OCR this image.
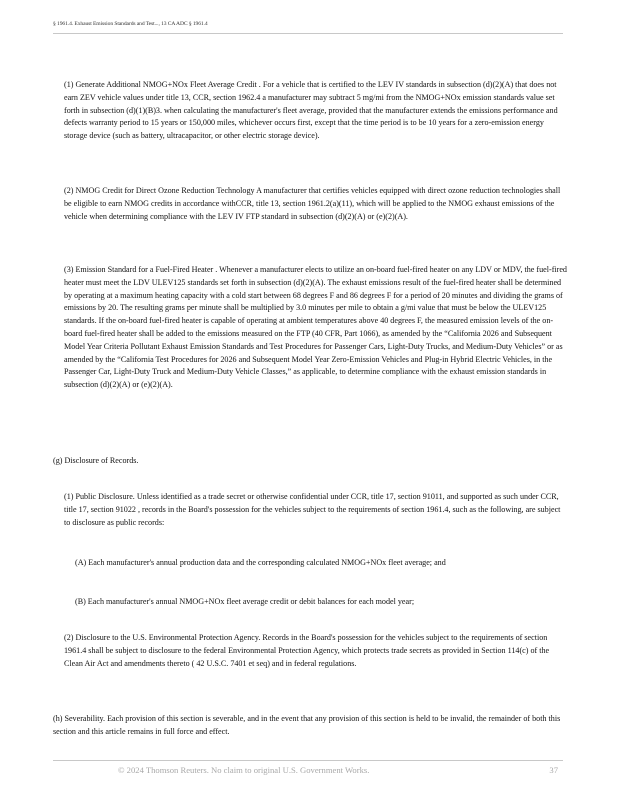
§ 1961.4. Exhaust Emission Standards and Test..., 13 CA ADC § 1961.4

(1) Generate Additional NMOG+NOx Fleet Average Credit . For a vehicle that is certified to the LEV IV standards in subsection (d)(2)(A) that does not earn ZEV vehicle values under title 13, CCR, section 1962.4 a manufacturer may subtract 5 mg/mi from the NMOG+NOx emission standards value set forth in subsection (d)(1)(B)3. when calculating the manufacturer's fleet average, provided that the manufacturer extends the emissions performance and defects warranty period to 15 years or 150,000 miles, whichever occurs first, except that the time period is to be 10 years for a zero-emission energy storage device (such as battery, ultracapacitor, or other electric storage device).

(2) NMOG Credit for Direct Ozone Reduction Technology A manufacturer that certifies vehicles equipped with direct ozone reduction technologies shall be eligible to earn NMOG credits in accordance withCCR, title 13, section 1961.2(a)(11), which will be applied to the NMOG exhaust emissions of the vehicle when determining compliance with the LEV IV FTP standard in subsection (d)(2)(A) or (e)(2)(A).

(3) Emission Standard for a Fuel-Fired Heater . Whenever a manufacturer elects to utilize an on-board fuel-fired heater on any LDV or MDV, the fuel-fired heater must meet the LDV ULEV125 standards set forth in subsection (d)(2)(A). The exhaust emissions result of the fuel-fired heater shall be determined by operating at a maximum heating capacity with a cold start between 68 degrees F and 86 degrees F for a period of 20 minutes and dividing the grams of emissions by 20. The resulting grams per minute shall be multiplied by 3.0 minutes per mile to obtain a g/mi value that must be below the ULEV125 standards. If the on-board fuel-fired heater is capable of operating at ambient temperatures above 40 degrees F, the measured emission levels of the on-board fuel-fired heater shall be added to the emissions measured on the FTP (40 CFR, Part 1066), as amended by the “California 2026 and Subsequent Model Year Criteria Pollutant Exhaust Emission Standards and Test Procedures for Passenger Cars, Light-Duty Trucks, and Medium-Duty Vehicles” or as amended by the “California Test Procedures for 2026 and Subsequent Model Year Zero-Emission Vehicles and Plug-in Hybrid Electric Vehicles, in the Passenger Car, Light-Duty Truck and Medium-Duty Vehicle Classes,” as applicable, to determine compliance with the exhaust emission standards in subsection (d)(2)(A) or (e)(2)(A).

(g) Disclosure of Records.

(1) Public Disclosure. Unless identified as a trade secret or otherwise confidential under CCR, title 17, section 91011, and supported as such under CCR, title 17, section 91022 , records in the Board's possession for the vehicles subject to the requirements of section 1961.4, such as the following, are subject to disclosure as public records:

(A) Each manufacturer's annual production data and the corresponding calculated NMOG+NOx fleet average; and

(B) Each manufacturer's annual NMOG+NOx fleet average credit or debit balances for each model year;

(2) Disclosure to the U.S. Environmental Protection Agency. Records in the Board's possession for the vehicles subject to the requirements of section 1961.4 shall be subject to disclosure to the federal Environmental Protection Agency, which protects trade secrets as provided in Section 114(c) of the Clean Air Act and amendments thereto ( 42 U.S.C. 7401 et seq) and in federal regulations.

(h) Severability. Each provision of this section is severable, and in the event that any provision of this section is held to be invalid, the remainder of both this section and this article remains in full force and effect.

© 2024 Thomson Reuters. No claim to original U.S. Government Works.	37
